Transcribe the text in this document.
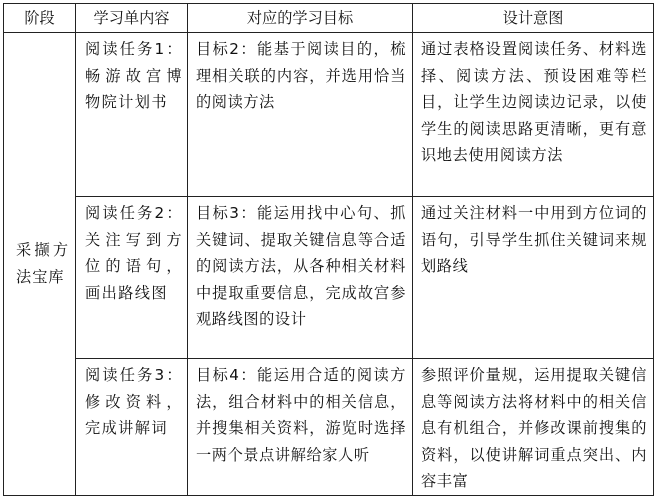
阶段	学习单内容	对应的学习目标	设计意图

采撷方法宝库	阅读任务1：畅游故宫博物院计划书	目标2：能基于阅读目的，梳理相关联的内容，并选用恰当的阅读方法	通过表格设置阅读任务、材料选择、阅读方法、预设困难等栏目，让学生边阅读边记录，以使学生的阅读思路更清晰，更有意识地去使用阅读方法

	阅读任务2：关注写到方位的语句，画出路线图	目标3：能运用找中心句、抓关键词、提取关键信息等合适的阅读方法，从各种相关材料中提取重要信息，完成故宫参观路线图的设计	通过关注材料一中用到方位词的语句，引导学生抓住关键词来规划路线

	阅读任务3：修改资料，完成讲解词	目标4：能运用合适的阅读方法，组合材料中的相关信息，并搜集相关资料，游览时选择一两个景点讲解给家人听	参照评价量规，运用提取关键信息等阅读方法将材料中的相关信息有机组合，并修改课前搜集的资料，以使讲解词重点突出、内容丰富
